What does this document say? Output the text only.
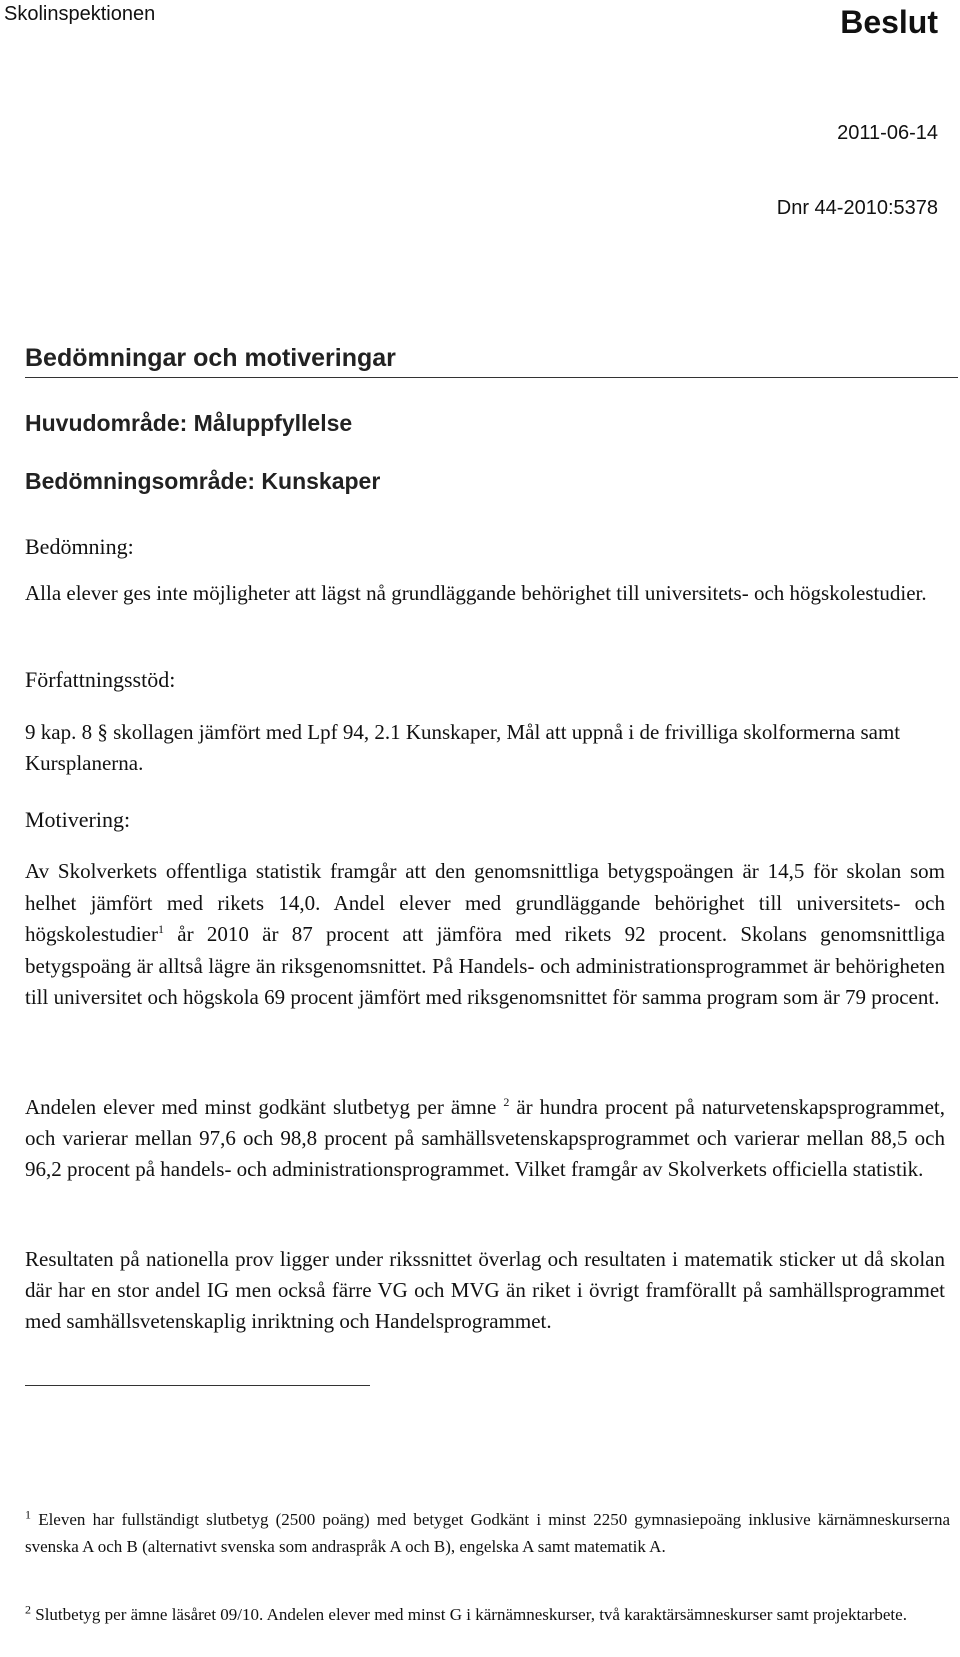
Skolinspektionen	Beslut
2011-06-14
Dnr 44-2010:5378
Bedömningar och motiveringar
Huvudområde: Måluppfyllelse
Bedömningsområde: Kunskaper
Bedömning:
Alla elever ges inte möjligheter att lägst nå grundläggande behörighet till universitets- och högskolestudier.
Författningsstöd:
9 kap. 8 § skollagen jämfört med Lpf 94, 2.1 Kunskaper, Mål att uppnå i de frivilliga skolformerna samt Kursplanerna.
Motivering:

Av Skolverkets offentliga statistik framgår att den genomsnittliga betygspoängen är 14,5 för skolan som helhet jämfört med rikets 14,0. Andel elever med grundläggande behörighet till universitets- och högskolestudier$^1$ år 2010 är 87 procent att jämföra med rikets 92 procent. Skolans genomsnittliga betygspoäng är alltså lägre än riksgenomsnittet. På Handels- och administrationsprogrammet är behörigheten till universitet och högskola 69 procent jämfört med riksgenomsnittet för samma program som är 79 procent.

Andelen elever med minst godkänt slutbetyg per ämne $^2$ är hundra procent på naturvetenskapsprogrammet, och varierar mellan 97,6 och 98,8 procent på samhällsvetenskapsprogrammet och varierar mellan 88,5 och 96,2 procent på handels- och administrationsprogrammet. Vilket framgår av Skolverkets officiella statistik.

Resultaten på nationella prov ligger under rikssnittet överlag och resultaten i matematik sticker ut då skolan där har en stor andel IG men också färre VG och MVG än riket i övrigt framförallt på samhällsprogrammet med samhällsvetenskaplig inriktning och Handelsprogrammet.
$^1$ Eleven har fullständigt slutbetyg (2500 poäng) med betyget Godkänt i minst 2250 gymnasiepoäng inklusive kärnämneskurserna svenska A och B (alternativt svenska som andraspråk A och B), engelska A samt matematik A.
$^2$ Slutbetyg per ämne läsåret 09/10. Andelen elever med minst G i kärnämneskurser, två karaktärsämneskurser samt projektarbete.
